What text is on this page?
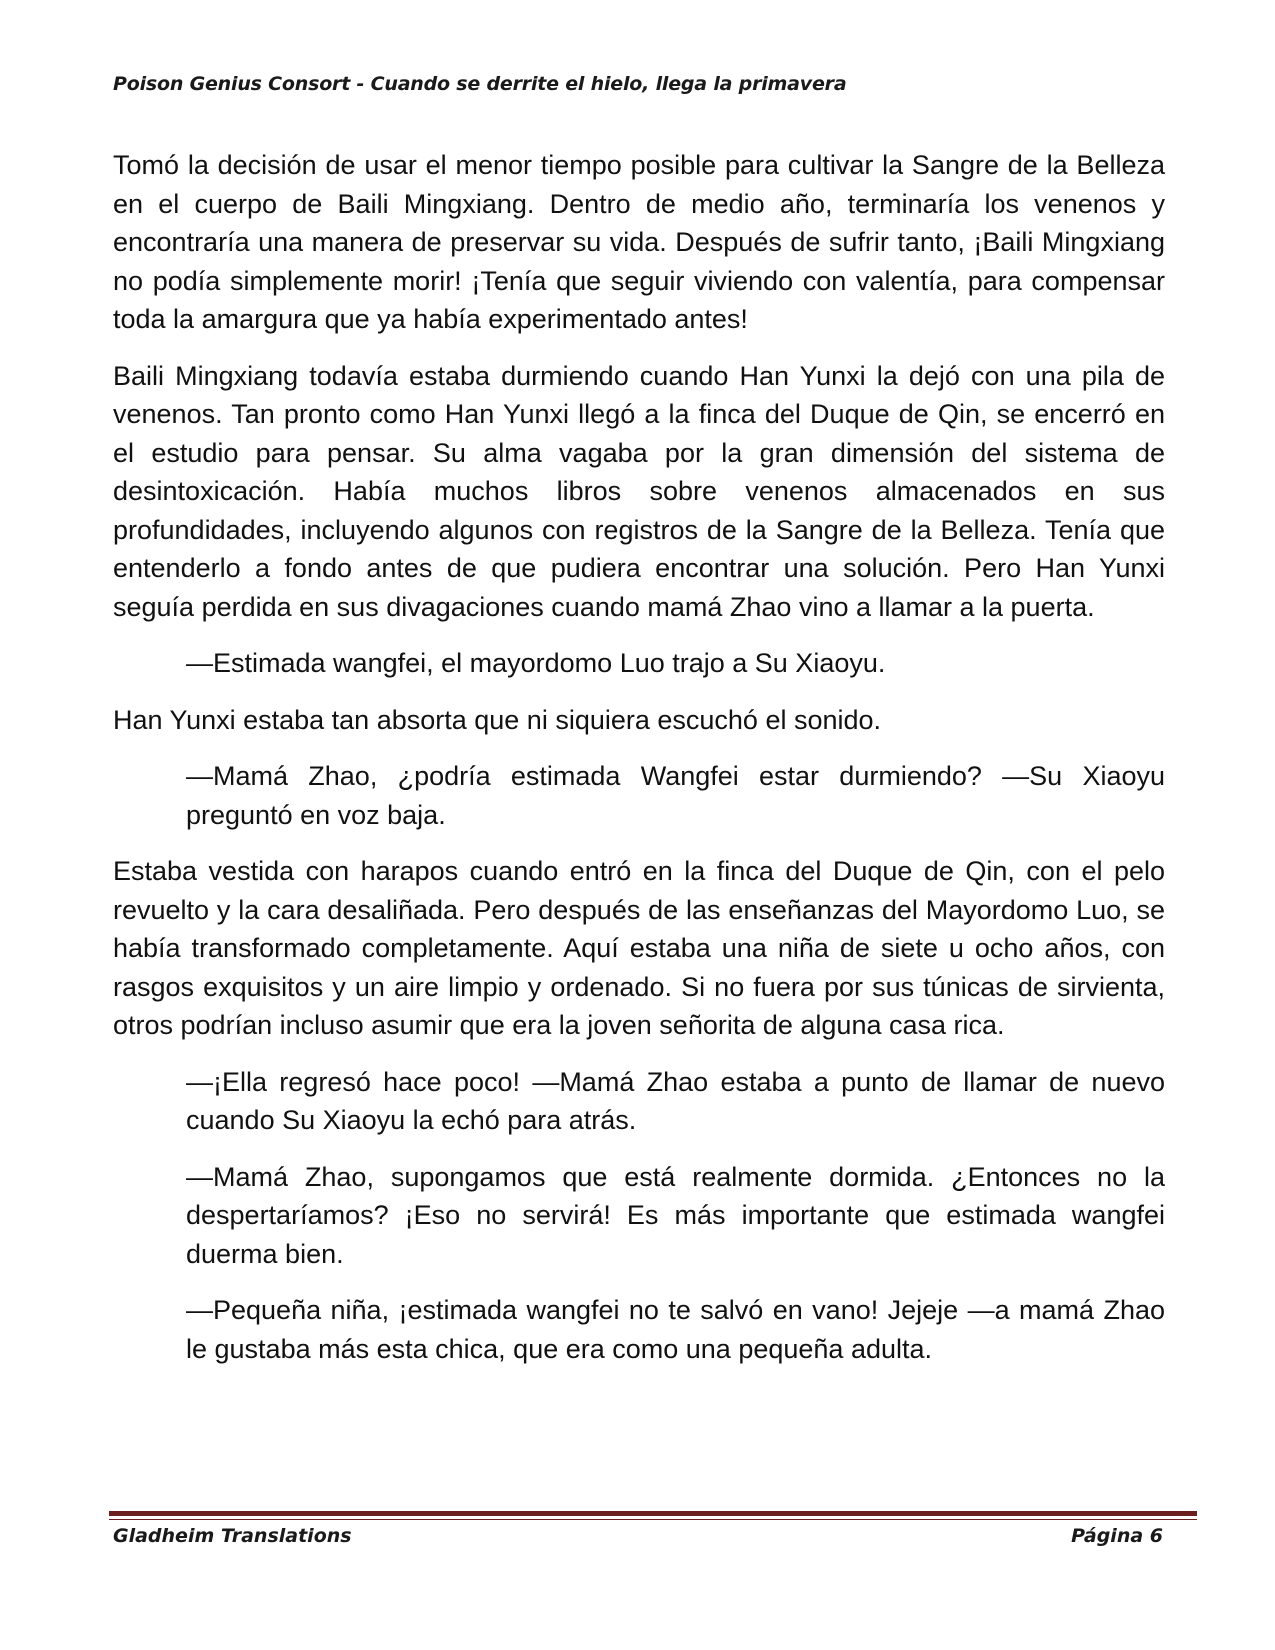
Poison Genius Consort - Cuando se derrite el hielo, llega la primavera

Tomó la decisión de usar el menor tiempo posible para cultivar la Sangre de la Belleza en el cuerpo de Baili Mingxiang. Dentro de medio año, terminaría los venenos y encontraría una manera de preservar su vida. Después de sufrir tanto, ¡Baili Mingxiang no podía simplemente morir! ¡Tenía que seguir viviendo con valentía, para compensar toda la amargura que ya había experimentado antes!

Baili Mingxiang todavía estaba durmiendo cuando Han Yunxi la dejó con una pila de venenos. Tan pronto como Han Yunxi llegó a la finca del Duque de Qin, se encerró en el estudio para pensar. Su alma vagaba por la gran dimensión del sistema de desintoxicación. Había muchos libros sobre venenos almacenados en sus profundidades, incluyendo algunos con registros de la Sangre de la Belleza. Tenía que entenderlo a fondo antes de que pudiera encontrar una solución. Pero Han Yunxi seguía perdida en sus divagaciones cuando mamá Zhao vino a llamar a la puerta.

—Estimada wangfei, el mayordomo Luo trajo a Su Xiaoyu.

Han Yunxi estaba tan absorta que ni siquiera escuchó el sonido.

—Mamá Zhao, ¿podría estimada Wangfei estar durmiendo? —Su Xiaoyu preguntó en voz baja.

Estaba vestida con harapos cuando entró en la finca del Duque de Qin, con el pelo revuelto y la cara desaliñada. Pero después de las enseñanzas del Mayordomo Luo, se había transformado completamente. Aquí estaba una niña de siete u ocho años, con rasgos exquisitos y un aire limpio y ordenado. Si no fuera por sus túnicas de sirvienta, otros podrían incluso asumir que era la joven señorita de alguna casa rica.

—¡Ella regresó hace poco! —Mamá Zhao estaba a punto de llamar de nuevo cuando Su Xiaoyu la echó para atrás.

—Mamá Zhao, supongamos que está realmente dormida. ¿Entonces no la despertaríamos? ¡Eso no servirá! Es más importante que estimada wangfei duerma bien.

—Pequeña niña, ¡estimada wangfei no te salvó en vano! Jejeje —a mamá Zhao le gustaba más esta chica, que era como una pequeña adulta.

Gladheim Translations	Página 6
